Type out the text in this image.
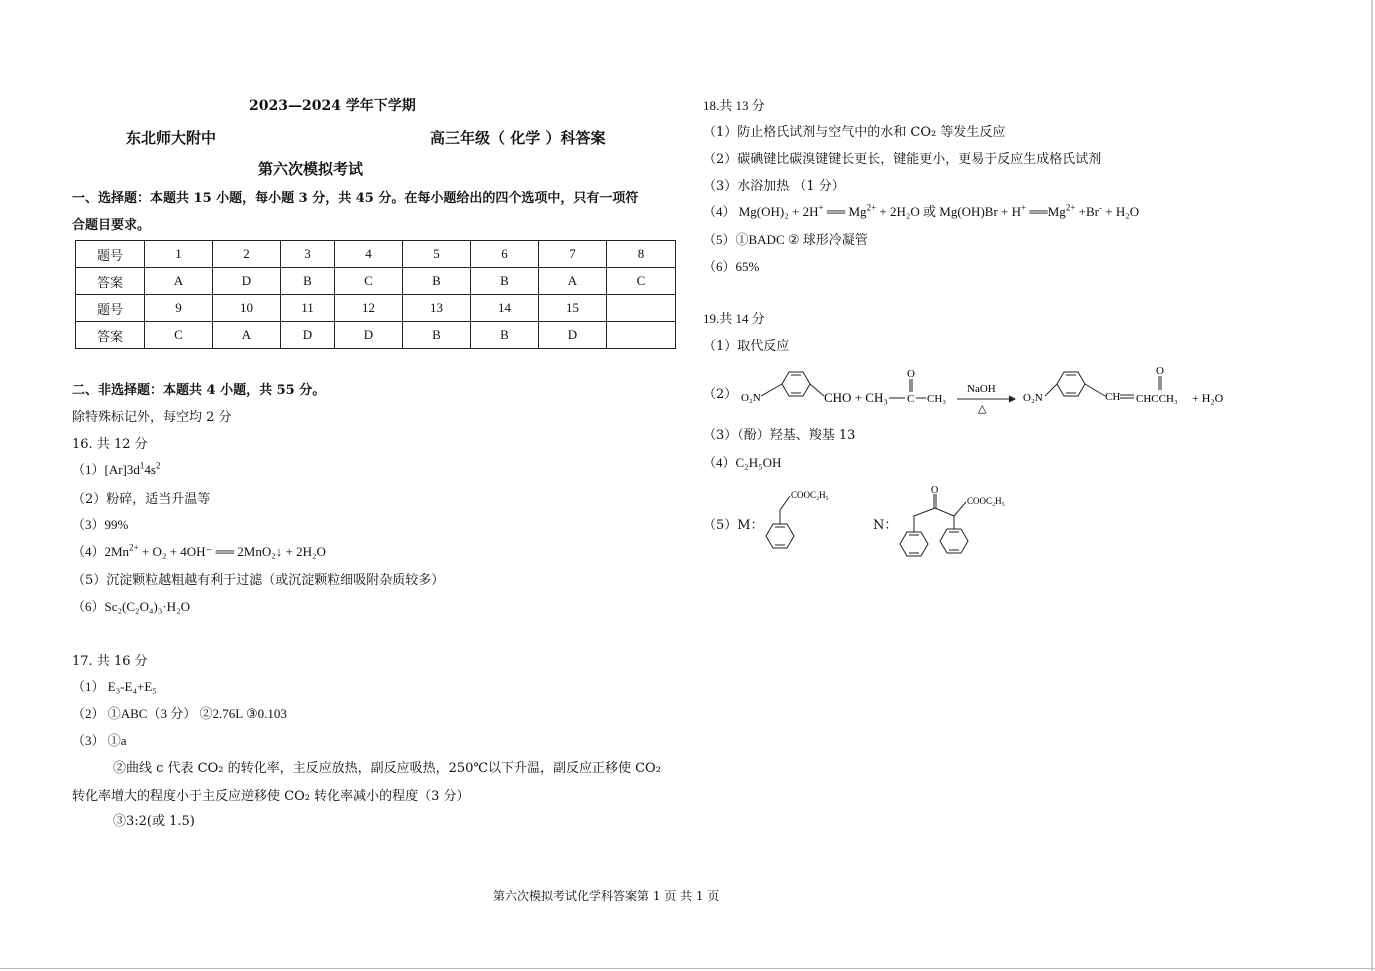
2023—2024 学年下学期
东北师大附中	高三年级（ 化学 ）科答案
第六次模拟考试
一、选择题：本题共 15 小题，每小题 3 分，共 45 分。在每小题给出的四个选项中，只有一项符
合题目要求。
题号	1	2	3	4	5	6	7	8
答案	A	D	B	C	B	B	A	C
题号	9	10	11	12	13	14	15	
答案	C	A	D	D	B	B	D	
二、非选择题：本题共 4 小题，共 55 分。
除特殊标记外，每空均 2 分
16. 共 12 分
$(1)[Ar]3d^14s^2$
（2）粉碎，适当升温等
（3）99%
$(4)2Mn^{2+} + O_2 + 4OH^-$ ══ 2MnO₂↓ + 2H₂O
（5）沉淀颗粒越粗越有利于过滤（或沉淀颗粒细吸附杂质较多）
（6）Sc₂(C₂O₄)₃·H₂O
17. 共 16 分
（1） E₃-E₄+E₅
（2） ①ABC（3 分） ②2.76L ③0.103
（3） ①a
②曲线 c 代表 CO₂ 的转化率，主反应放热，副反应吸热，250℃以下升温，副反应正移使 CO₂
转化率增大的程度小于主反应逆移使 CO₂ 转化率减小的程度（3 分）
③3:2(或 1.5)
18.共 13 分
（1）防止格氏试剂与空气中的水和 CO₂ 等发生反应
（2）碳碘键比碳溴键键长更长，键能更小，更易于反应生成格氏试剂
（3）水浴加热 （1 分）
（4） Mg(OH)₂ + 2H+ ══ $Mg^{2+} + 2H_2O$ 或 Mg(OH)Br + H+ $══Mg^{2+} +Br^- + H_2O$
（5）①BADC ② 球形冷凝管
（6）65%
19.共 14 分
（1）取代反应
（2） O₂N	CHO + CH₃ C CH₃
O
NaOH
△
O₂N	CH CHCCH₃
O
+ H₂O
（3）（酚）羟基、羧基 13
（4）C₂H₅OH
（5）M：
COOC₂H₅
N：
O
COOC₂H₅
第六次模拟考试化学科答案第 1 页 共 1 页
